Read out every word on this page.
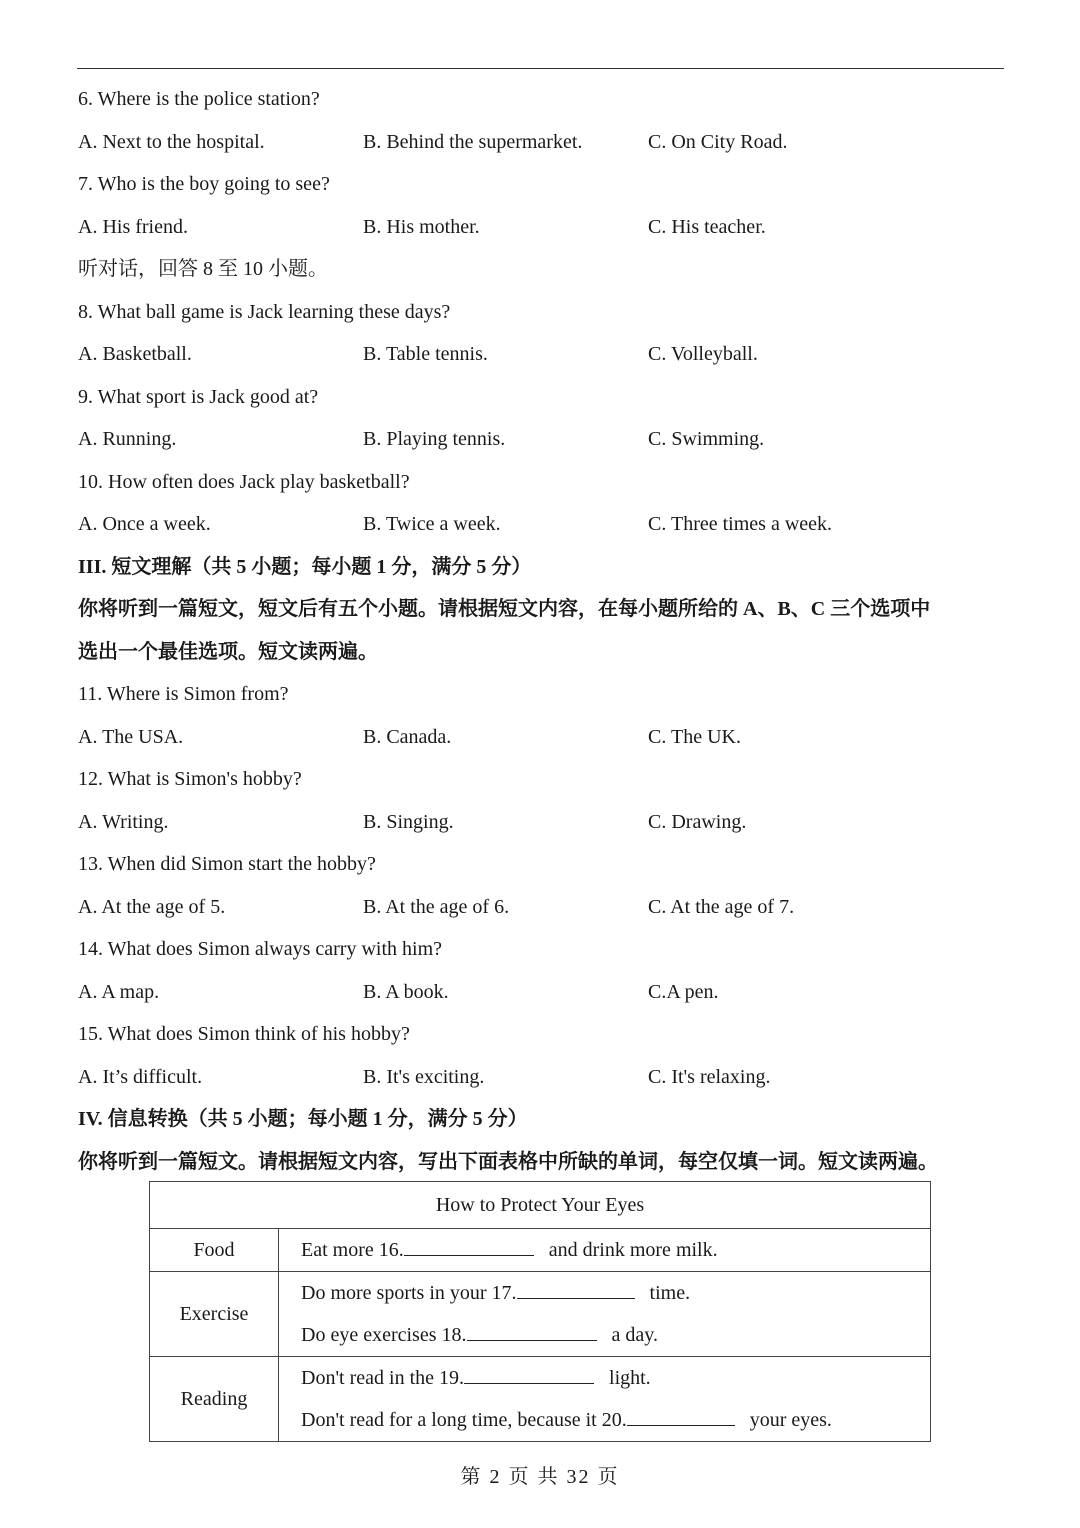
6. Where is the police station?
A. Next to the hospital.	B. Behind the supermarket.	C. On City Road.
7. Who is the boy going to see?
A. His friend.	B. His mother.	C. His teacher.
听对话，回答 8 至 10 小题。
8. What ball game is Jack learning these days?
A. Basketball.	B. Table tennis.	C. Volleyball.
9. What sport is Jack good at?
A. Running.	B. Playing tennis.	C. Swimming.
10. How often does Jack play basketball?
A. Once a week.	B. Twice a week.	C. Three times a week.
III. 短文理解（共 5 小题；每小题 1 分，满分 5 分）
你将听到一篇短文，短文后有五个小题。请根据短文内容，在每小题所给的 A、B、C 三个选项中
选出一个最佳选项。短文读两遍。
11. Where is Simon from?
A. The USA.	B. Canada.	C. The UK.
12. What is Simon's hobby?
A. Writing.	B. Singing.	C. Drawing.
13. When did Simon start the hobby?
A. At the age of 5.	B. At the age of 6.	C. At the age of 7.
14. What does Simon always carry with him?
A. A map.	B. A book.	C.A pen.
15. What does Simon think of his hobby?
A. It’s difficult.	B. It's exciting.	C. It's relaxing.
IV. 信息转换（共 5 小题；每小题 1 分，满分 5 分）
你将听到一篇短文。请根据短文内容，写出下面表格中所缺的单词，每空仅填一词。短文读两遍。
How to Protect Your Eyes	
Food	Eat more 16. and drink more milk.

Exercise	Do more sports in your 17. time.
Do eye exercises 18. a day.

Reading	Don't read in the 19. light.
Don't read for a long time, because it 20. your eyes.
第 2 页 共 32 页
